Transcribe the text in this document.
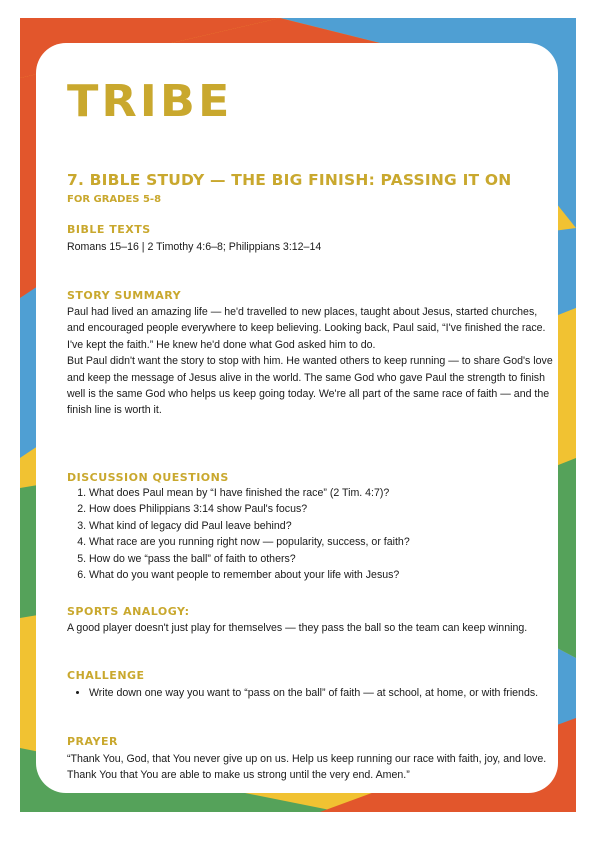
TRIBE
7. BIBLE STUDY — THE BIG FINISH: PASSING IT ON
FOR GRADES 5-8
BIBLE TEXTS
Romans 15–16 | 2 Timothy 4:6–8; Philippians 3:12–14
STORY SUMMARY

Paul had lived an amazing life — he'd travelled to new places, taught about Jesus, started churches, and encouraged people everywhere to keep believing. Looking back, Paul said, “I've finished the race. I've kept the faith.” He knew he'd done what God asked him to do.

But Paul didn't want the story to stop with him. He wanted others to keep running — to share God's love and keep the message of Jesus alive in the world. The same God who gave Paul the strength to finish well is the same God who helps us keep going today. We're all part of the same race of faith — and the finish line is worth it.

DISCUSSION QUESTIONS
1. What does Paul mean by “I have finished the race” (2 Tim. 4:7)?
2. How does Philippians 3:14 show Paul's focus?
3. What kind of legacy did Paul leave behind?
4. What race are you running right now — popularity, success, or faith?
5. How do we “pass the ball” of faith to others?
6. What do you want people to remember about your life with Jesus?
SPORTS ANALOGY:
A good player doesn't just play for themselves — they pass the ball so the team can keep winning.
CHALLENGE
• Write down one way you want to “pass on the ball” of faith — at school, at home, or with friends.
PRAYER
“Thank You, God, that You never give up on us. Help us keep running our race with faith, joy, and love. Thank You that You are able to make us strong until the very end. Amen.”
